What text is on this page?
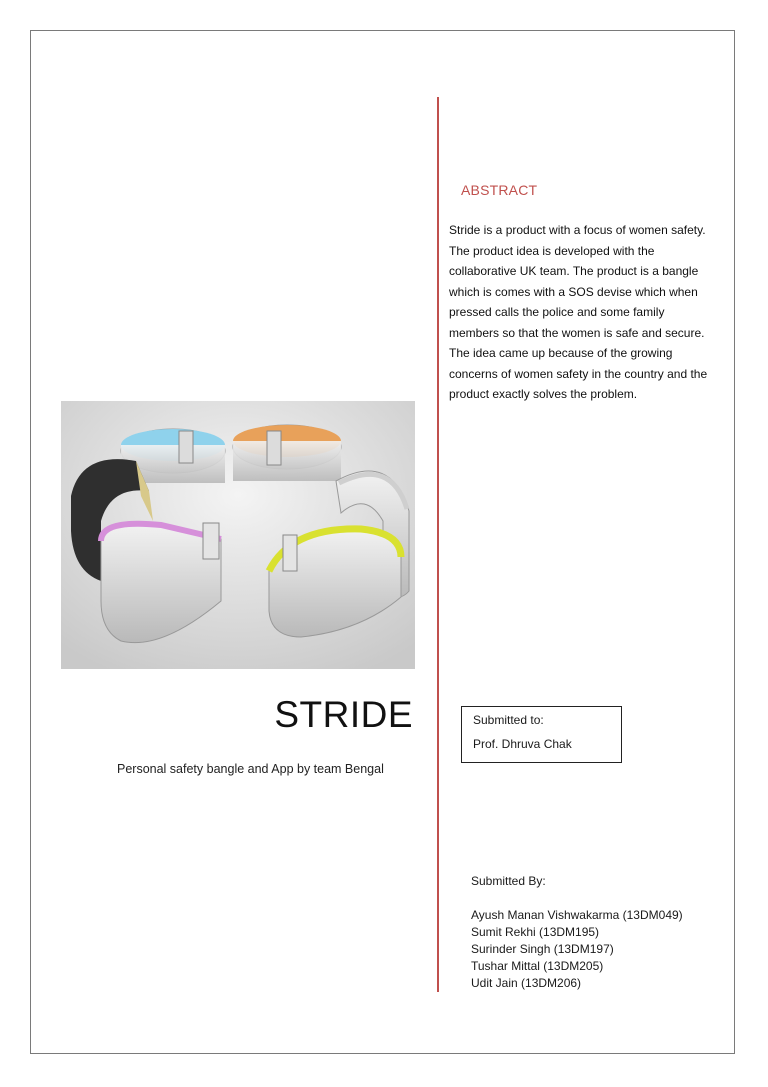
ABSTRACT
Stride is a product with a focus of women safety.
The product idea is developed with the
collaborative UK team. The product is a bangle
which is comes with a SOS devise which when
pressed calls the police and some family
members so that the women is safe and secure.
The idea came up because of the growing
concerns of women safety in the country and the
product exactly solves the problem.
STRIDE
Personal safety bangle and App by team Bengal
Submitted to:
Prof. Dhruva Chak
Submitted By:
Ayush Manan Vishwakarma (13DM049)
Sumit Rekhi (13DM195)
Surinder Singh (13DM197)
Tushar Mittal (13DM205)
Udit Jain (13DM206)
